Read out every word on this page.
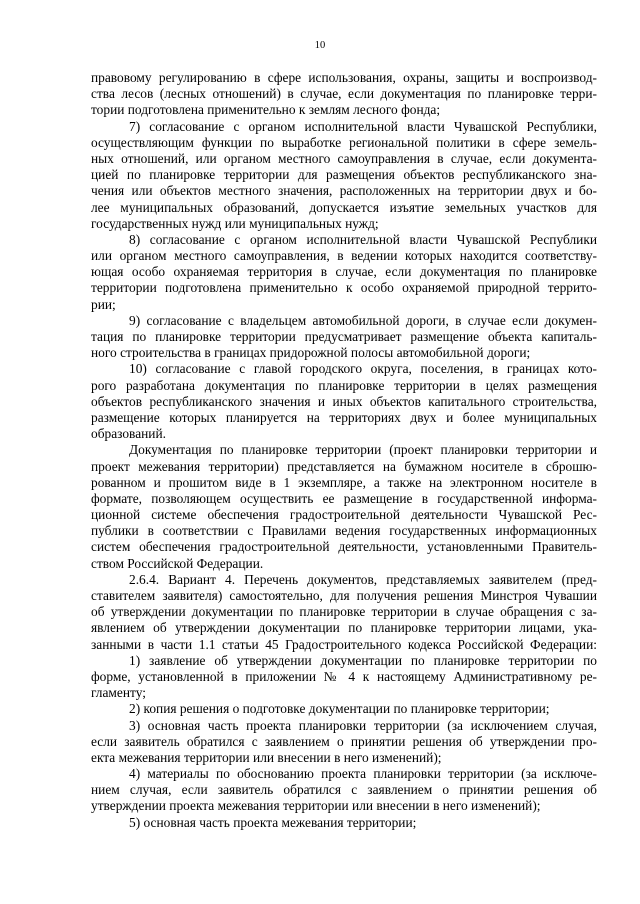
10
правовому регулированию в сфере использования, охраны, защиты и воспроизвод-
ства лесов (лесных отношений) в случае, если документация по планировке терри-
тории подготовлена применительно к землям лесного фонда;
7) согласование с органом исполнительной власти Чувашской Республики,
осуществляющим функции по выработке региональной политики в сфере земель-
ных отношений, или органом местного самоуправления в случае, если документа-
цией по планировке территории для размещения объектов республиканского зна-
чения или объектов местного значения, расположенных на территории двух и бо-
лее муниципальных образований, допускается изъятие земельных участков для
государственных нужд или муниципальных нужд;
8) согласование с органом исполнительной власти Чувашской Республики
или органом местного самоуправления, в ведении которых находится соответству-
ющая особо охраняемая территория в случае, если документация по планировке
территории подготовлена применительно к особо охраняемой природной террито-
рии;
9) согласование с владельцем автомобильной дороги, в случае если докумен-
тация по планировке территории предусматривает размещение объекта капиталь-
ного строительства в границах придорожной полосы автомобильной дороги;
10) согласование с главой городского округа, поселения, в границах кото-
рого разработана документация по планировке территории в целях размещения
объектов республиканского значения и иных объектов капитального строительства,
размещение которых планируется на территориях двух и более муниципальных
образований.
Документация по планировке территории (проект планировки территории и
проект межевания территории) представляется на бумажном носителе в сброшю-
рованном и прошитом виде в 1 экземпляре, а также на электронном носителе в
формате, позволяющем осуществить ее размещение в государственной информа-
ционной системе обеспечения градостроительной деятельности Чувашской Рес-
публики в соответствии с Правилами ведения государственных информационных
систем обеспечения градостроительной деятельности, установленными Правитель-
ством Российской Федерации.
2.6.4. Вариант 4. Перечень документов, представляемых заявителем (пред-
ставителем заявителя) самостоятельно, для получения решения Минстроя Чувашии
об утверждении документации по планировке территории в случае обращения с за-
явлением об утверждении документации по планировке территории лицами, ука-
занными в части 1.1 статьи 45 Градостроительного кодекса Российской Федерации:
1) заявление об утверждении документации по планировке территории по
форме, установленной в приложении № 4 к настоящему Административному ре-
гламенту;
2) копия решения о подготовке документации по планировке территории;
3) основная часть проекта планировки территории (за исключением случая,
если заявитель обратился с заявлением о принятии решения об утверждении про-
екта межевания территории или внесении в него изменений);
4) материалы по обоснованию проекта планировки территории (за исключе-
нием случая, если заявитель обратился с заявлением о принятии решения об
утверждении проекта межевания территории или внесении в него изменений);
5) основная часть проекта межевания территории;
